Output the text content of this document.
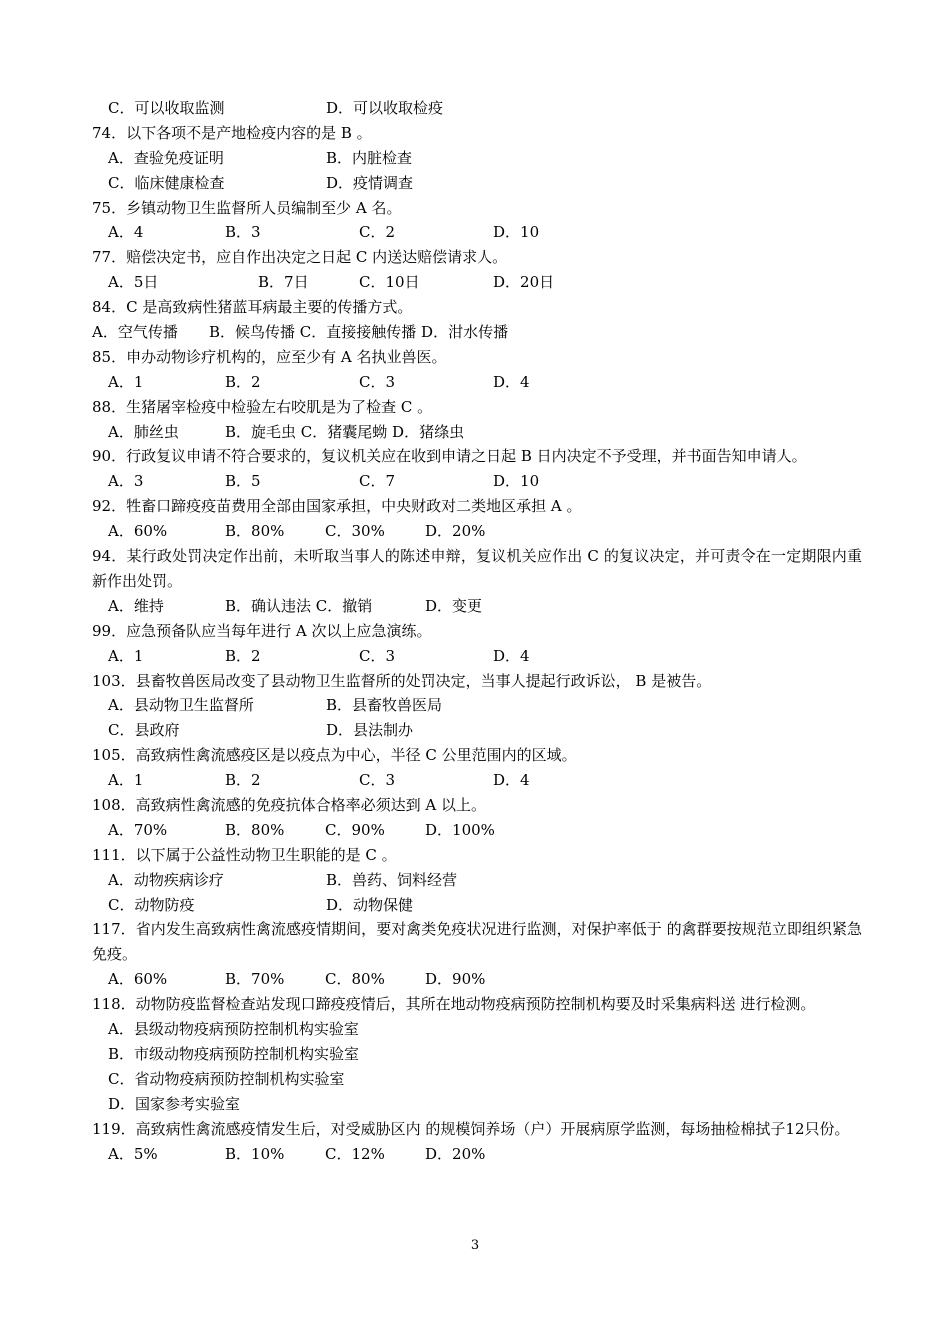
C．可以收取监测	D．可以收取检疫
74．以下各项不是产地检疫内容的是 B 。
A．查验免疫证明	B．内脏检查
C．临床健康检查	D．疫情调查
75．乡镇动物卫生监督所人员编制至少 A 名。
A．4	B．3	C．2	D．10
77．赔偿决定书，应自作出决定之日起 C 内送达赔偿请求人。
A．5日	B．7日	C．10日	D．20日
84．C 是高致病性猪蓝耳病最主要的传播方式。
A．空气传播 B．候鸟传播 C．直接接触传播 D．泔水传播
85．申办动物诊疗机构的，应至少有 A 名执业兽医。
A．1	B．2	C．3	D．4
88．生猪屠宰检疫中检验左右咬肌是为了检查 C 。
A．肺丝虫	B．旋毛虫 C．猪囊尾蚴 D．猪绦虫
90．行政复议申请不符合要求的，复议机关应在收到申请之日起 B 日内决定不予受理，并书面告知申请人。
A．3	B．5	C．7	D．10
92．牲畜口蹄疫疫苗费用全部由国家承担，中央财政对二类地区承担 A 。
A．60%	B．80%	C．30%	D．20%
94．某行政处罚决定作出前，未听取当事人的陈述申辩，复议机关应作出 C 的复议决定，并可责令在一定期限内重新作出处罚。
A．维持	B．确认违法 C．撤销	D．变更
99．应急预备队应当每年进行 A 次以上应急演练。
A．1	B．2	C．3	D．4
103．县畜牧兽医局改变了县动物卫生监督所的处罚决定，当事人提起行政诉讼， B 是被告。
A．县动物卫生监督所	B．县畜牧兽医局
C．县政府	D．县法制办
105．高致病性禽流感疫区是以疫点为中心，半径 C 公里范围内的区域。
A．1	B．2	C．3	D．4
108．高致病性禽流感的免疫抗体合格率必须达到 A 以上。
A．70%	B．80%	C．90%	D．100%
111．以下属于公益性动物卫生职能的是 C 。
A．动物疾病诊疗	B．兽药、饲料经营
C．动物防疫	D．动物保健
117．省内发生高致病性禽流感疫情期间，要对禽类免疫状况进行监测，对保护率低于 的禽群要按规范立即组织紧急免疫。
A．60%	B．70%	C．80%	D．90%
118．动物防疫监督检查站发现口蹄疫疫情后，其所在地动物疫病预防控制机构要及时采集病料送 进行检测。
A．县级动物疫病预防控制机构实验室
B．市级动物疫病预防控制机构实验室
C．省动物疫病预防控制机构实验室
D．国家参考实验室
119．高致病性禽流感疫情发生后，对受威胁区内 的规模饲养场（户）开展病原学监测，每场抽检棉拭子12只份。
A．5%	B．10%	C．12%	D．20%
3
